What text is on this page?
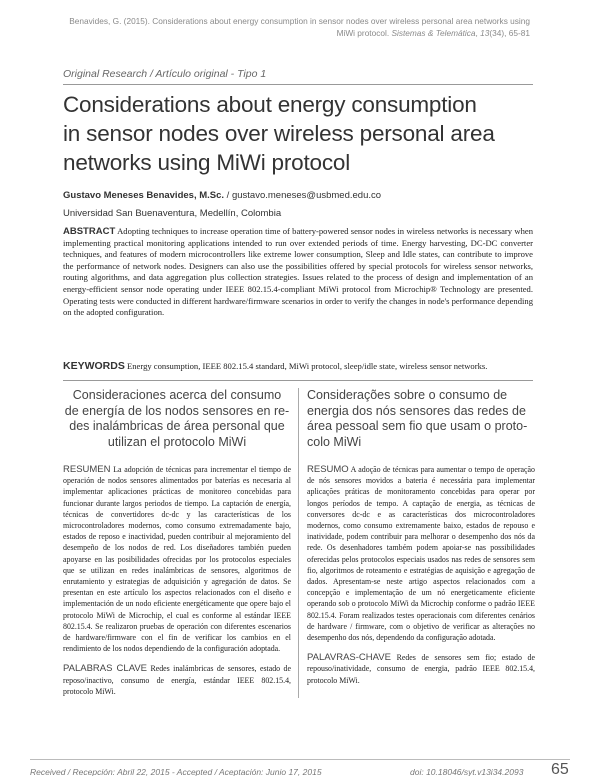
Benavides, G. (2015). Considerations about energy consumption in sensor nodes over wireless personal area networks using
MiWi protocol. Sistemas & Telemática, 13(34), 65-81
Original Research / Artículo original - Tipo 1
Considerations about energy consumption
in sensor nodes over wireless personal area
networks using MiWi protocol
Gustavo Meneses Benavides, M.Sc. / gustavo.meneses@usbmed.edu.co
Universidad San Buenaventura, Medellín, Colombia
ABSTRACT Adopting techniques to increase operation time of battery-powered sensor nodes in wireless networks is necessary when implementing practical monitoring applications intended to run over extended periods of time. Energy harvesting, DC-DC converter techniques, and features of modern microcontrollers like extreme lower consumption, Sleep and Idle states, can contribute to improve the performance of network nodes. Designers can also use the possibilities offered by special protocols for wireless sensor networks, routing algorithms, and data aggregation plus collection strategies. Issues related to the process of design and implementation of an energy-efficient sensor node operating under IEEE 802.15.4-compliant MiWi protocol from Microchip® Technology are presented. Operating tests were conducted in different hardware/firmware scenarios in order to verify the changes in node's performance depending on the adopted configuration.
KEYWORDS Energy consumption, IEEE 802.15.4 standard, MiWi protocol, sleep/idle state, wireless sensor networks.
Consideraciones acerca del consumo
de energía de los nodos sensores en re-
des inalámbricas de área personal que
utilizan el protocolo MiWi
RESUMEN La adopción de técnicas para incrementar el tiempo de operación de nodos sensores alimentados por baterías es necesaria al implementar aplicaciones prácticas de monitoreo concebidas para funcionar durante largos periodos de tiempo. La captación de energía, técnicas de convertidores dc-dc y las características de los microcontroladores modernos, como consumo extremadamente bajo, estados de reposo e inactividad, pueden contribuir al mejoramiento del desempeño de los nodos de red. Los diseñadores también pueden apoyarse en las posibilidades ofrecidas por los protocolos especiales que se utilizan en redes inalámbricas de sensores, algoritmos de enrutamiento y estrategias de adquisición y agregación de datos. Se presentan en este artículo los aspectos relacionados con el diseño e implementación de un nodo eficiente energéticamente que opere bajo el protocolo MiWi de Microchip, el cual es conforme al estándar IEEE 802.15.4. Se realizaron pruebas de operación con diferentes escenarios de hardware/firmware con el fin de verificar los cambios en el rendimiento de los nodos dependiendo de la configuración adoptada.
PALABRAS CLAVE Redes inalámbricas de sensores, estado de reposo/inactivo, consumo de energía, estándar IEEE 802.15.4, protocolo MiWi.
Considerações sobre o consumo de
energia dos nós sensores das redes de
área pessoal sem fio que usam o proto-
colo MiWi
RESUMO A adoção de técnicas para aumentar o tempo de operação de nós sensores movidos a bateria é necessária para implementar aplicações práticas de monitoramento concebidas para operar por longos períodos de tempo. A captação de energia, as técnicas de conversores dc-dc e as características dos microcontroladores modernos, como consumo extremamente baixo, estados de repouso e inatividade, podem contribuir para melhorar o desempenho dos nós da rede. Os desenhadores também podem apoiar-se nas possibilidades oferecidas pelos protocolos especiais usados nas redes de sensores sem fio, algoritmos de roteamento e estratégias de aquisição e agregação de dados. Apresentam-se neste artigo aspectos relacionados com a concepção e implementação de um nó energeticamente eficiente operando sob o protocolo MiWi da Microchip conforme o padrão IEEE 802.15.4. Foram realizados testes operacionais com diferentes cenários de hardware / firmware, com o objetivo de verificar as alterações no desempenho dos nós, dependendo da configuração adotada.
PALAVRAS-CHAVE Redes de sensores sem fio; estado de repouso/inatividade, consumo de energia, padrão IEEE 802.15.4, protocolo MiWi.
Received / Recepción: Abril 22, 2015 - Accepted / Aceptación: Junio 17, 2015	doi: 10.18046/syt.v13i34.2093 65
